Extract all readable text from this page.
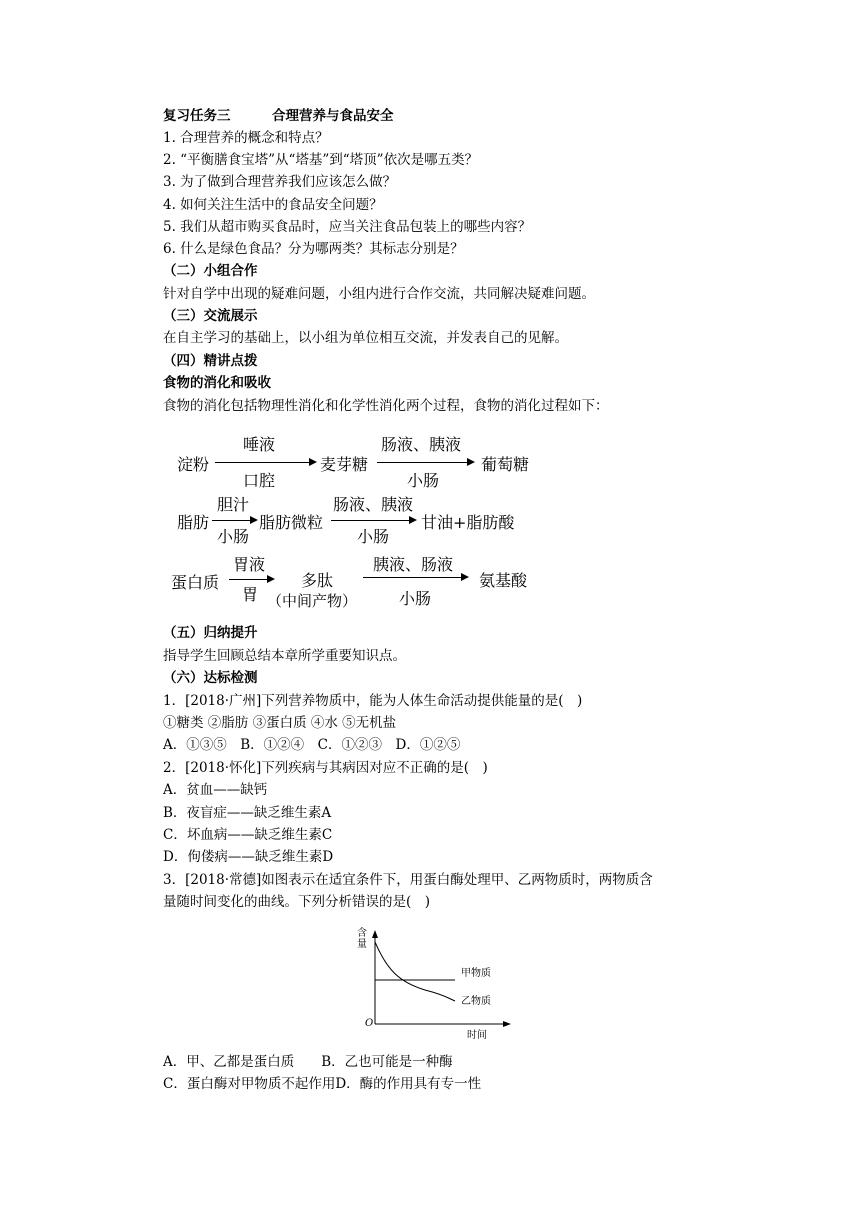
复习任务三	合理营养与食品安全
1. 合理营养的概念和特点？
2. “平衡膳食宝塔”从“塔基”到“塔顶”依次是哪五类？
3. 为了做到合理营养我们应该怎么做？
4. 如何关注生活中的食品安全问题？
5. 我们从超市购买食品时，应当关注食品包装上的哪些内容？
6. 什么是绿色食品？分为哪两类？其标志分别是？
（二）小组合作
针对自学中出现的疑难问题，小组内进行合作交流，共同解决疑难问题。
（三）交流展示
在自主学习的基础上，以小组为单位相互交流，并发表自己的见解。
（四）精讲点拨
食物的消化和吸收
食物的消化包括物理性消化和化学性消化两个过程，食物的消化过程如下：
淀粉
唾液
口腔
麦芽糖
肠液、胰液
小肠
葡萄糖
脂肪
胆汁
小肠
脂肪微粒
肠液、胰液
小肠
甘油+脂肪酸
蛋白质
胃液
胃
多肽
（中间产物）
胰液、肠液
小肠
氨基酸
（五）归纳提升
指导学生回顾总结本章所学重要知识点。
（六）达标检测
1．[2018·广州]下列营养物质中，能为人体生命活动提供能量的是(　)
①糖类 ②脂肪 ③蛋白质 ④水 ⑤无机盐
A．①③⑤　B．①②④　C．①②③　D．①②⑤
2．[2018·怀化]下列疾病与其病因对应不正确的是(　)
A．贫血——缺钙
B．夜盲症——缺乏维生素A
C．坏血病——缺乏维生素C
D．佝偻病——缺乏维生素D
3．[2018·常德]如图表示在适宜条件下，用蛋白酶处理甲、乙两物质时，两物质含
量随时间变化的曲线。下列分析错误的是(　)
含量
时间
O
甲物质
乙物质
A．甲、乙都是蛋白质　　B．乙也可能是一种酶
C．蛋白酶对甲物质不起作用D．酶的作用具有专一性
